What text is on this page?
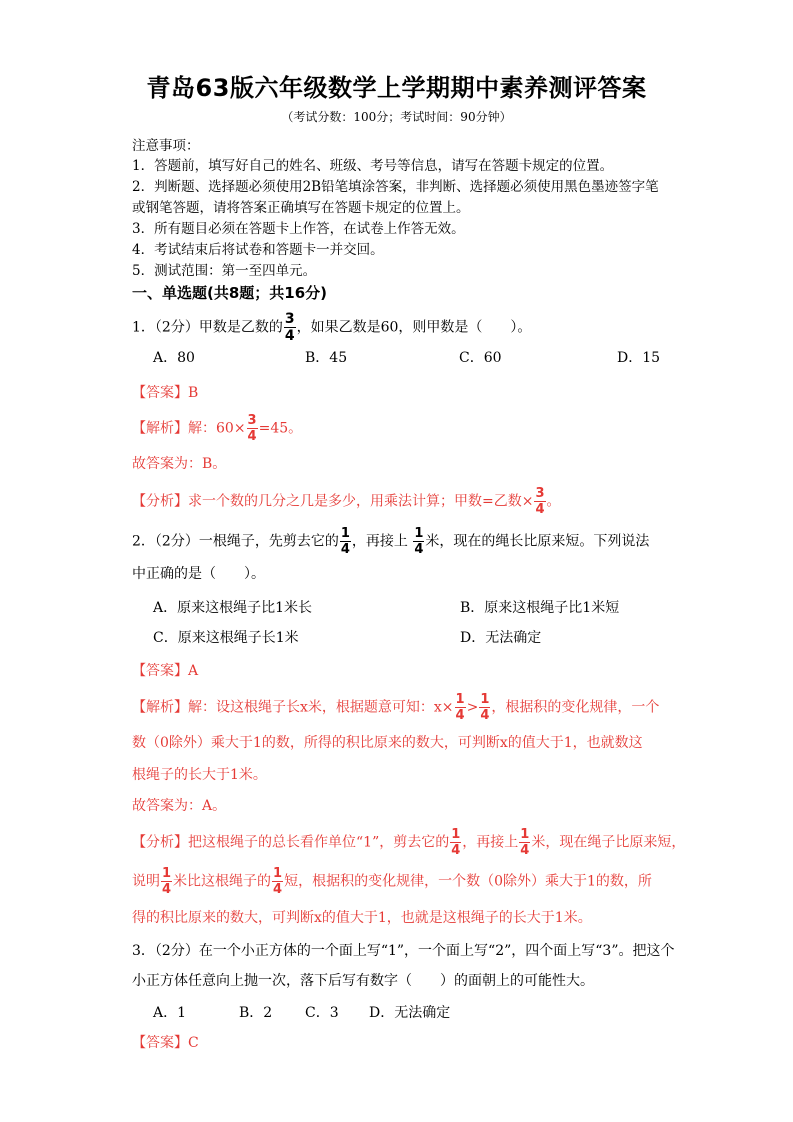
青岛63版六年级数学上学期期中素养测评答案
（考试分数：100分；考试时间：90分钟）
注意事项：
1．答题前，填写好自己的姓名、班级、考号等信息，请写在答题卡规定的位置。
2．判断题、选择题必须使用2B铅笔填涂答案，非判断、选择题必须使用黑色墨迹签字笔
或钢笔答题，请将答案正确填写在答题卡规定的位置上。
3．所有题目必须在答题卡上作答，在试卷上作答无效。
4．考试结束后将试卷和答题卡一并交回。
5．测试范围：第一至四单元。
一、单选题(共8题；共16分)
1．（2分）甲数是乙数的 $\frac{3}{4}$ ，如果乙数是60，则甲数是（　　）。
A．80	B．45	C．60	D．15
【答案】B
【解析】解：$60\times \frac{3}{4} =45$。
故答案为：B。
【分析】求一个数的几分之几是多少，用乘法计算；甲数=乙数× $\frac{3}{4}$ 。
2．（2分）一根绳子，先剪去它的 $\frac{1}{4}$ ，再接上 $\frac{1}{4}$ 米，现在的绳长比原来短。下列说法
中正确的是（　　）。
A．原来这根绳子比1米长	B．原来这根绳子比1米短
C．原来这根绳子长1米	D．无法确定
【答案】A
【解析】解：设这根绳子长x米，根据题意可知：$x\times \frac{1}{4} > \frac{1}{4}$ ，根据积的变化规律，一个
数（0除外）乘大于1的数，所得的积比原来的数大，可判断x的值大于1，也就数这
根绳子的长大于1米。
故答案为：A。
【分析】把这根绳子的总长看作单位“1”，剪去它的 $\frac{1}{4}$ ，再接上 $\frac{1}{4}$ 米，现在绳子比原来短，
说明 $\frac{1}{4}$ 米比这根绳子的 $\frac{1}{4}$ 短，根据积的变化规律，一个数（0除外）乘大于1的数，所
得的积比原来的数大，可判断x的值大于1，也就是这根绳子的长大于1米。
3．（2分）在一个小正方体的一个面上写“1”，一个面上写“2”，四个面上写“3”。把这个
小正方体任意向上抛一次，落下后写有数字（　　）的面朝上的可能性大。
A．1	B．2 C．3 D．无法确定
【答案】C
